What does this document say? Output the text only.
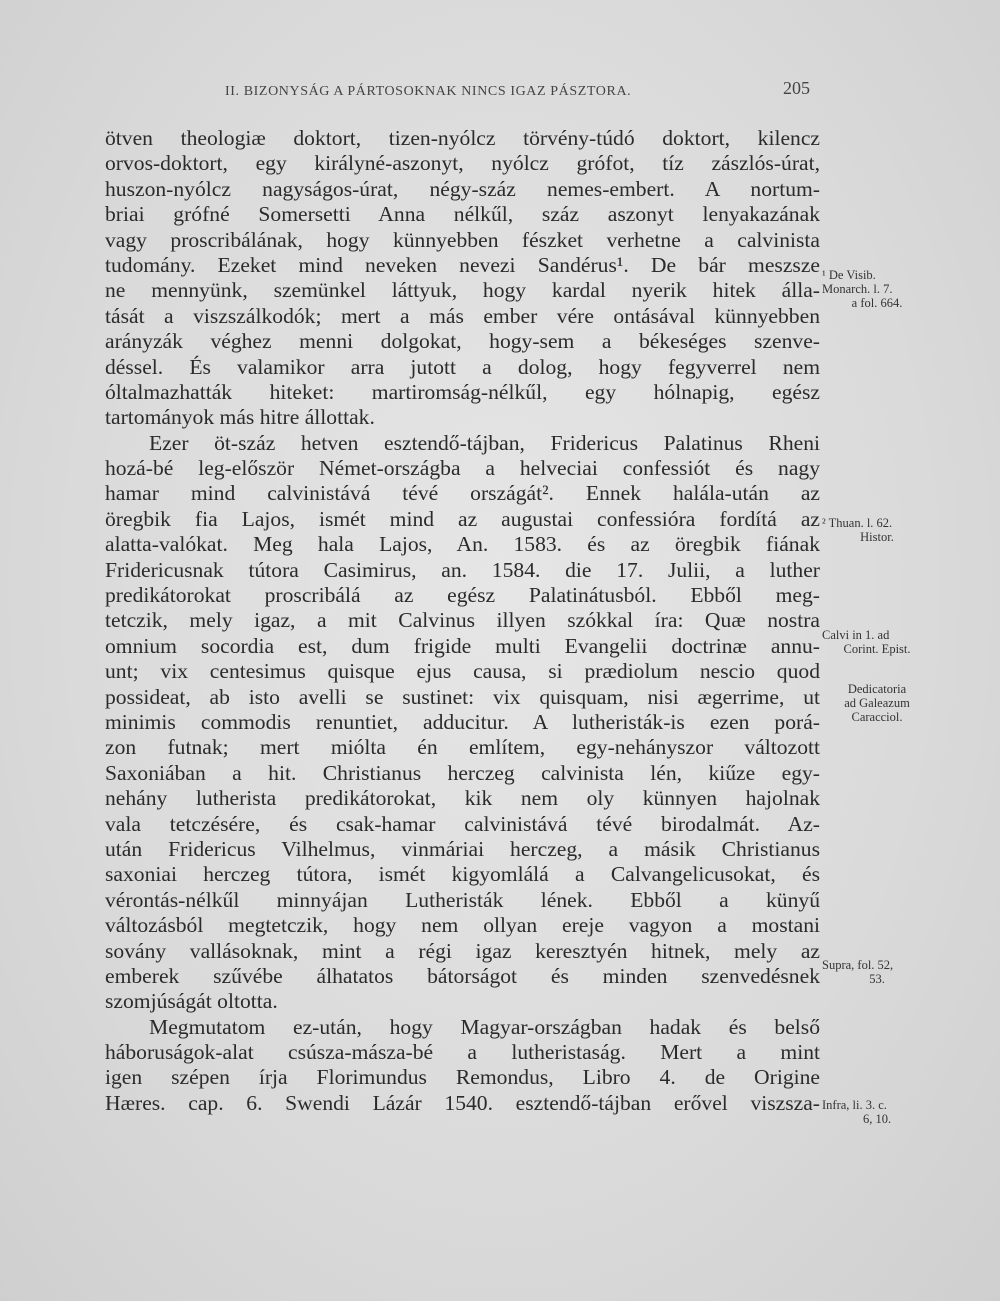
II. BIZONYSÁG A PÁRTOSOKNAK NINCS IGAZ PÁSZTORA.	205
ötven theologiæ doktort, tizen-nyólcz törvény-túdó doktort, kilencz
orvos-doktort, egy királyné-aszonyt, nyólcz grófot, tíz zászlós-úrat,
huszon-nyólcz nagyságos-úrat, négy-száz nemes-embert. A nortum-
briai grófné Somersetti Anna nélkűl, száz aszonyt lenyakazának
vagy proscribálának, hogy künnyebben fészket verhetne a calvinista
tudomány. Ezeket mind neveken nevezi Sandérus¹. De bár meszsze
ne mennyünk, szemünkel láttyuk, hogy kardal nyerik hitek álla-
tását a viszszálkodók; mert a más ember vére ontásával künnyebben
arányzák véghez menni dolgokat, hogy-sem a békeséges szenve-
déssel. És valamikor arra jutott a dolog, hogy fegyverrel nem
óltalmazhatták hiteket: martiromság-nélkűl, egy hólnapig, egész
tartományok más hitre állottak.
Ezer öt-száz hetven esztendő-tájban, Fridericus Palatinus Rheni
hozá-bé leg-először Német-országba a helveciai confessiót és nagy
hamar mind calvinistává tévé országát². Ennek halála-után az
öregbik fia Lajos, ismét mind az augustai confessióra fordítá az
alatta-valókat. Meg hala Lajos, An. 1583. és az öregbik fiának
Fridericusnak tútora Casimirus, an. 1584. die 17. Julii, a luther
predikátorokat proscribálá az egész Palatinátusból. Ebből meg-
tetczik, mely igaz, a mit Calvinus illyen szókkal íra: Quæ nostra
omnium socordia est, dum frigide multi Evangelii doctrinæ annu-
unt; vix centesimus quisque ejus causa, si prædiolum nescio quod
possideat, ab isto avelli se sustinet: vix quisquam, nisi ægerrime, ut
minimis commodis renuntiet, adducitur. A lutheristák-is ezen porá-
zon futnak; mert miólta én említem, egy-nehányszor változott
Saxoniában a hit. Christianus herczeg calvinista lén, kiűze egy-
nehány lutherista predikátorokat, kik nem oly künnyen hajolnak
vala tetczésére, és csak-hamar calvinistává tévé birodalmát. Az-
után Fridericus Vilhelmus, vinmáriai herczeg, a másik Christianus
saxoniai herczeg tútora, ismét kigyomlálá a Calvangelicusokat, és
vérontás-nélkűl minnyájan Lutheristák lének. Ebből a künyű
változásból megtetczik, hogy nem ollyan ereje vagyon a mostani
sovány vallásoknak, mint a régi igaz keresztyén hitnek, mely az
emberek szűvébe álhatatos bátorságot és minden szenvedésnek
szomjúságát oltotta.
Megmutatom ez-után, hogy Magyar-országban hadak és belső
háboruságok-alat csúsza-másza-bé a lutheristaság. Mert a mint
igen szépen írja Florimundus Remondus, Libro 4. de Origine
Hæres. cap. 6. Swendi Lázár 1540. esztendő-tájban erővel viszsza-
¹ De Visib.
Monarch. l. 7.
a fol. 664.
² Thuan. l. 62.
Histor.
Calvi in 1. ad
Corint. Epist.
Dedicatoria
ad Galeazum
Caracciol.
Supra, fol. 52,
53.
Infra, li. 3. c.
6, 10.
